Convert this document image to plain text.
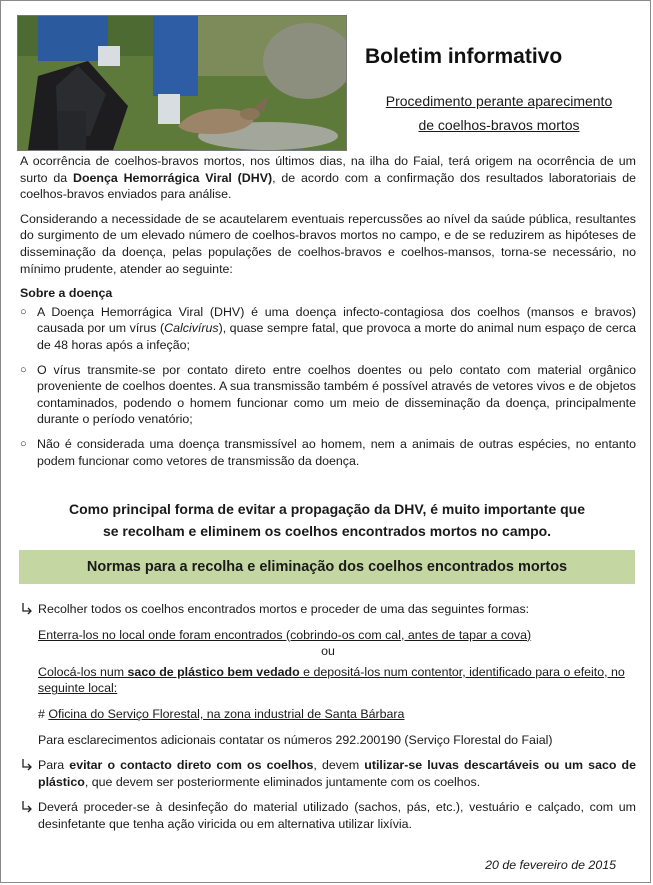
Boletim informativo
Procedimento perante aparecimento
de coelhos-bravos mortos

A ocorrência de coelhos-bravos mortos, nos últimos dias, na ilha do Faial, terá origem na ocorrência de um surto da Doença Hemorrágica Viral (DHV), de acordo com a confirmação dos resultados laboratoriais de coelhos-bravos enviados para análise.

Considerando a necessidade de se acautelarem eventuais repercussões ao nível da saúde pública, resultantes do surgimento de um elevado número de coelhos-bravos mortos no campo, e de se reduzirem as hipóteses de disseminação da doença, pelas populações de coelhos-bravos e coelhos-mansos, torna-se necessário, no mínimo prudente, atender ao seguinte:

Sobre a doença
○ A Doença Hemorrágica Viral (DHV) é uma doença infecto-contagiosa dos coelhos (mansos e bravos) causada por um vírus (Calcivírus), quase sempre fatal, que provoca a morte do animal num espaço de cerca de 48 horas após a infeção;
○ O vírus transmite-se por contato direto entre coelhos doentes ou pelo contato com material orgânico proveniente de coelhos doentes. A sua transmissão também é possível através de vetores vivos e de objetos contaminados, podendo o homem funcionar como um meio de disseminação da doença, principalmente durante o período venatório;
○ Não é considerada uma doença transmissível ao homem, nem a animais de outras espécies, no entanto podem funcionar como vetores de transmissão da doença.
Como principal forma de evitar a propagação da DHV, é muito importante que
se recolham e eliminem os coelhos encontrados mortos no campo.
Normas para a recolha e eliminação dos coelhos encontrados mortos
Recolher todos os coelhos encontrados mortos e proceder de uma das seguintes formas:
Enterra-los no local onde foram encontrados (cobrindo-os com cal, antes de tapar a cova)
ou
Colocá-los num saco de plástico bem vedado e depositá-los num contentor, identificado para o efeito, no seguinte local:
# Oficina do Serviço Florestal, na zona industrial de Santa Bárbara
Para esclarecimentos adicionais contatar os números 292.200190 (Serviço Florestal do Faial)
Para evitar o contacto direto com os coelhos, devem utilizar-se luvas descartáveis ou um saco de plástico, que devem ser posteriormente eliminados juntamente com os coelhos.
Deverá proceder-se à desinfeção do material utilizado (sachos, pás, etc.), vestuário e calçado, com um desinfetante que tenha ação viricida ou em alternativa utilizar lixívia.
20 de fevereiro de 2015
